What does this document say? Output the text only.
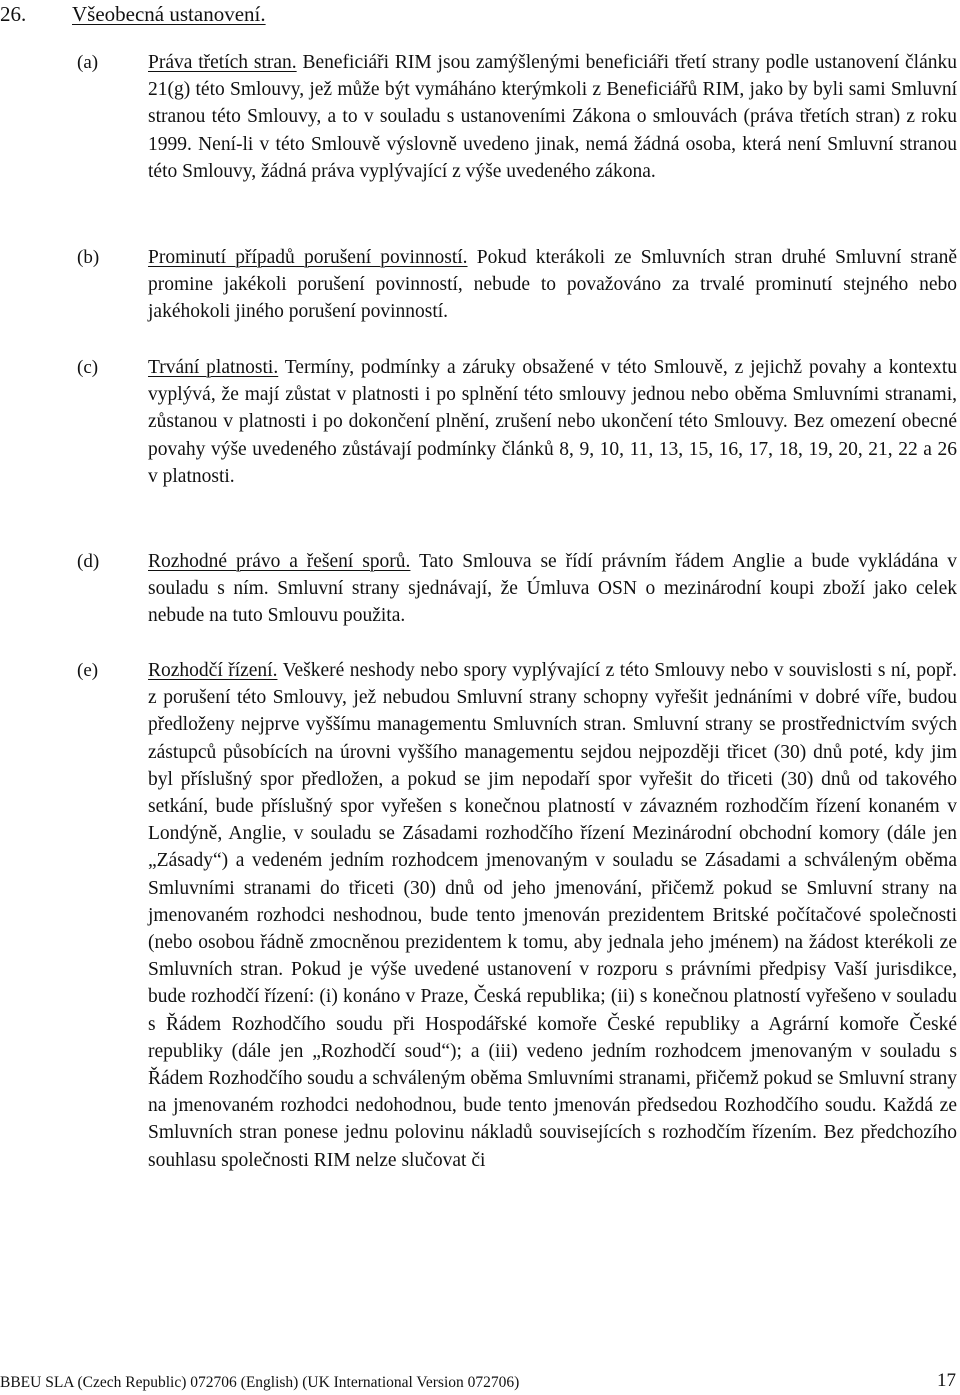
26. Všeobecná ustanovení.
(a)	Práva třetích stran. Beneficiáři RIM jsou zamýšlenými beneficiáři třetí strany podle ustanovení článku 21(g) této Smlouvy, jež může být vymáháno kterýmkoli z Beneficiářů RIM, jako by byli sami Smluvní stranou této Smlouvy, a to v souladu s ustanoveními Zákona o smlouvách (práva třetích stran) z roku 1999. Není-li v této Smlouvě výslovně uvedeno jinak, nemá žádná osoba, která není Smluvní stranou této Smlouvy, žádná práva vyplývající z výše uvedeného zákona.
(b)	Prominutí případů porušení povinností. Pokud kterákoli ze Smluvních stran druhé Smluvní straně promine jakékoli porušení povinností, nebude to považováno za trvalé prominutí stejného nebo jakéhokoli jiného porušení povinností.
(c)	Trvání platnosti. Termíny, podmínky a záruky obsažené v této Smlouvě, z jejichž povahy a kontextu vyplývá, že mají zůstat v platnosti i po splnění této smlouvy jednou nebo oběma Smluvními stranami, zůstanou v platnosti i po dokončení plnění, zrušení nebo ukončení této Smlouvy. Bez omezení obecné povahy výše uvedeného zůstávají podmínky článků 8, 9, 10, 11, 13, 15, 16, 17, 18, 19, 20, 21, 22 a 26 v platnosti.
(d)	Rozhodné právo a řešení sporů. Tato Smlouva se řídí právním řádem Anglie a bude vykládána v souladu s ním. Smluvní strany sjednávají, že Úmluva OSN o mezinárodní koupi zboží jako celek nebude na tuto Smlouvu použita.
(e)	Rozhodčí řízení. Veškeré neshody nebo spory vyplývající z této Smlouvy nebo v souvislosti s ní, popř. z porušení této Smlouvy, jež nebudou Smluvní strany schopny vyřešit jednáními v dobré víře, budou předloženy nejprve vyššímu managementu Smluvních stran. Smluvní strany se prostřednictvím svých zástupců působících na úrovni vyššího managementu sejdou nejpozději třicet (30) dnů poté, kdy jim byl příslušný spor předložen, a pokud se jim nepodaří spor vyřešit do třiceti (30) dnů od takového setkání, bude příslušný spor vyřešen s konečnou platností v závazném rozhodčím řízení konaném v Londýně, Anglie, v souladu se Zásadami rozhodčího řízení Mezinárodní obchodní komory (dále jen „Zásady“) a vedeném jedním rozhodcem jmenovaným v souladu se Zásadami a schváleným oběma Smluvními stranami do třiceti (30) dnů od jeho jmenování, přičemž pokud se Smluvní strany na jmenovaném rozhodci neshodnou, bude tento jmenován prezidentem Britské počítačové společnosti (nebo osobou řádně zmocněnou prezidentem k tomu, aby jednala jeho jménem) na žádost kterékoli ze Smluvních stran. Pokud je výše uvedené ustanovení v rozporu s právními předpisy Vaší jurisdikce, bude rozhodčí řízení: (i) konáno v Praze, Česká republika; (ii) s konečnou platností vyřešeno v souladu s Řádem Rozhodčího soudu při Hospodářské komoře České republiky a Agrární komoře České republiky (dále jen „Rozhodčí soud“); a (iii) vedeno jedním rozhodcem jmenovaným v souladu s Řádem Rozhodčího soudu a schváleným oběma Smluvními stranami, přičemž pokud se Smluvní strany na jmenovaném rozhodci nedohodnou, bude tento jmenován předsedou Rozhodčího soudu. Každá ze Smluvních stran ponese jednu polovinu nákladů souvisejících s rozhodčím řízením. Bez předchozího souhlasu společnosti RIM nelze slučovat či
BBEU SLA (Czech Republic) 072706 (English) (UK International Version 072706)	17
